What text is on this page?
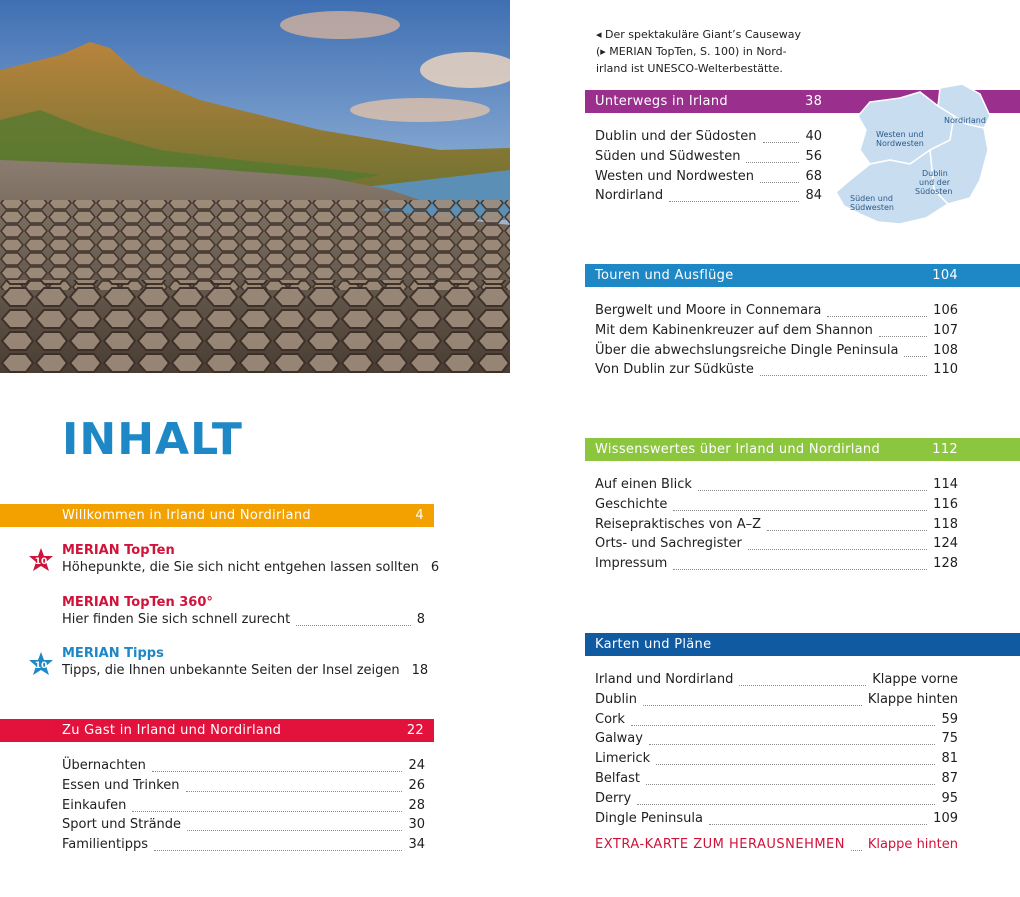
◂ Der spektakuläre Giant’s Causeway
(▸ MERIAN TopTen, S. 100) in Nord-
irland ist UNESCO-Welterbestätte.
INHALT
Willkommen in Irland und Nordirland	4
10
MERIAN TopTen
Höhepunkte, die Sie sich nicht entgehen lassen sollten 6
MERIAN TopTen 360°
Hier finden Sie sich schnell zurecht	8
10
MERIAN Tipps
Tipps, die Ihnen unbekannte Seiten der Insel zeigen 18
Zu Gast in Irland und Nordirland	22
Übernachten	24
Essen und Trinken	26
Einkaufen	28
Sport und Strände	30
Familientipps	34
Unterwegs in Irland	38
Dublin und der Südosten	40
Süden und Südwesten	56
Westen und Nordwesten	68
Nordirland	84
Nordirland
Westen und
Nordwesten
Dublin
und der
Südosten
Süden und
Südwesten
Touren und Ausflüge	104
Bergwelt und Moore in Connemara	106
Mit dem Kabinenkreuzer auf dem Shannon	107
Über die abwechslungsreiche Dingle Peninsula	108
Von Dublin zur Südküste	110
Wissenswertes über Irland und Nordirland	112
Auf einen Blick	114
Geschichte	116
Reisepraktisches von A–Z	118
Orts- und Sachregister	124
Impressum	128
Karten und Pläne
Irland und Nordirland	Klappe vorne
Dublin	Klappe hinten
Cork	59
Galway	75
Limerick	81
Belfast	87
Derry	95
Dingle Peninsula	109
EXTRA-KARTE ZUM HERAUSNEHMEN Klappe hinten
